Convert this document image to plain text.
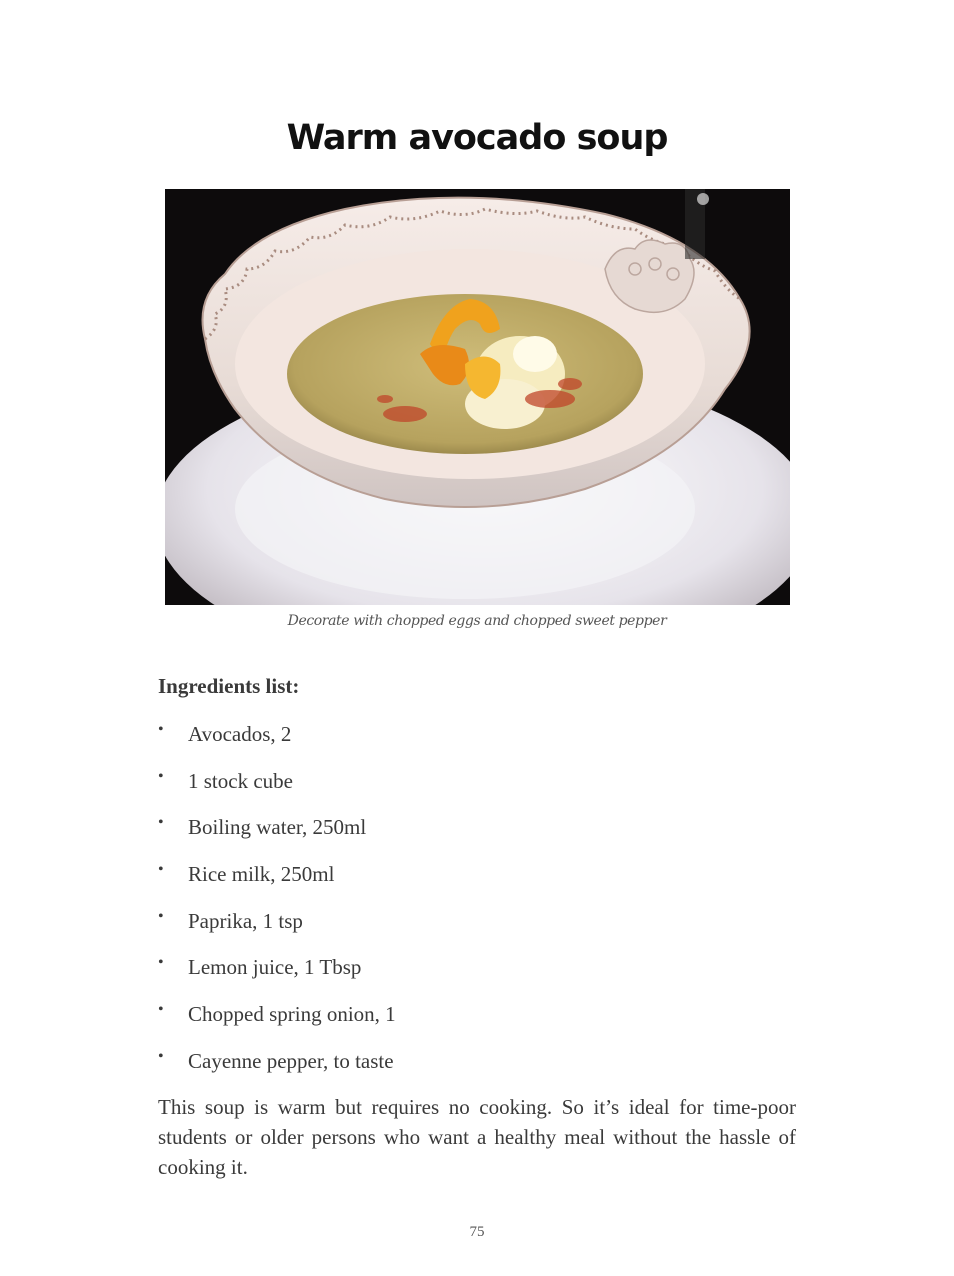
Warm avocado soup
Decorate with chopped eggs and chopped sweet pepper
Ingredients list:
• Avocados, 2
• 1 stock cube
• Boiling water, 250ml
• Rice milk, 250ml
• Paprika, 1 tsp
• Lemon juice, 1 Tbsp
• Chopped spring onion, 1
• Cayenne pepper, to taste

This soup is warm but requires no cooking. So it’s ideal for time-poor students or older persons who want a healthy meal without the hassle of cooking it.

75
